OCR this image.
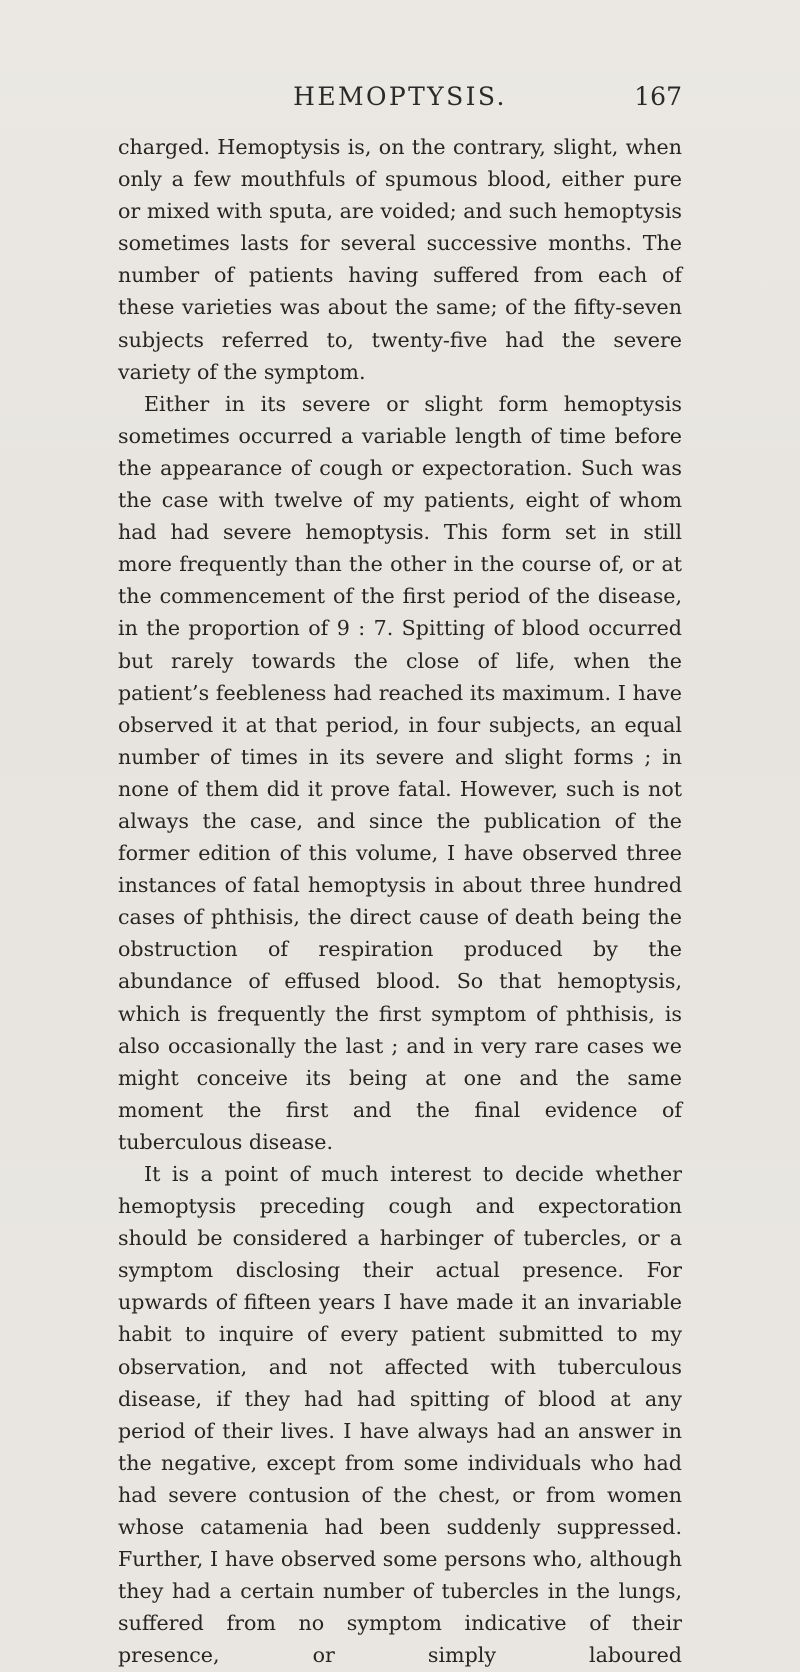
HEMOPTYSIS.	167

charged. Hemoptysis is, on the contrary, slight, when only a few mouthfuls of spumous blood, either pure or mixed with sputa, are voided; and such hemoptysis sometimes lasts for several successive months. The number of patients having suffered from each of these varieties was about the same; of the fifty-seven subjects referred to, twenty-five had the severe variety of the symptom.

Either in its severe or slight form hemoptysis sometimes occurred a variable length of time before the appearance of cough or expectoration. Such was the case with twelve of my patients, eight of whom had had severe hemoptysis. This form set in still more frequently than the other in the course of, or at the commencement of the first period of the disease, in the proportion of 9 : 7. Spitting of blood occurred but rarely towards the close of life, when the patient’s feebleness had reached its maximum. I have observed it at that period, in four subjects, an equal number of times in its severe and slight forms ; in none of them did it prove fatal. However, such is not always the case, and since the publication of the former edition of this volume, I have observed three instances of fatal hemoptysis in about three hundred cases of phthisis, the direct cause of death being the obstruction of respiration produced by the abundance of effused blood. So that hemoptysis, which is frequently the first symptom of phthisis, is also occasionally the last ; and in very rare cases we might conceive its being at one and the same moment the first and the final evidence of tuberculous disease.

It is a point of much interest to decide whether hemoptysis preceding cough and expectoration should be considered a harbinger of tubercles, or a symptom disclosing their actual presence. For upwards of fifteen years I have made it an invariable habit to inquire of every patient submitted to my observation, and not affected with tuberculous disease, if they had had spitting of blood at any period of their lives. I have always had an answer in the negative, except from some individuals who had had severe contusion of the chest, or from women whose catamenia had been suddenly suppressed. Further, I have observed some persons who, although they had a certain number of tubercles in the lungs, suffered from no symptom indicative of their presence, or simply laboured
